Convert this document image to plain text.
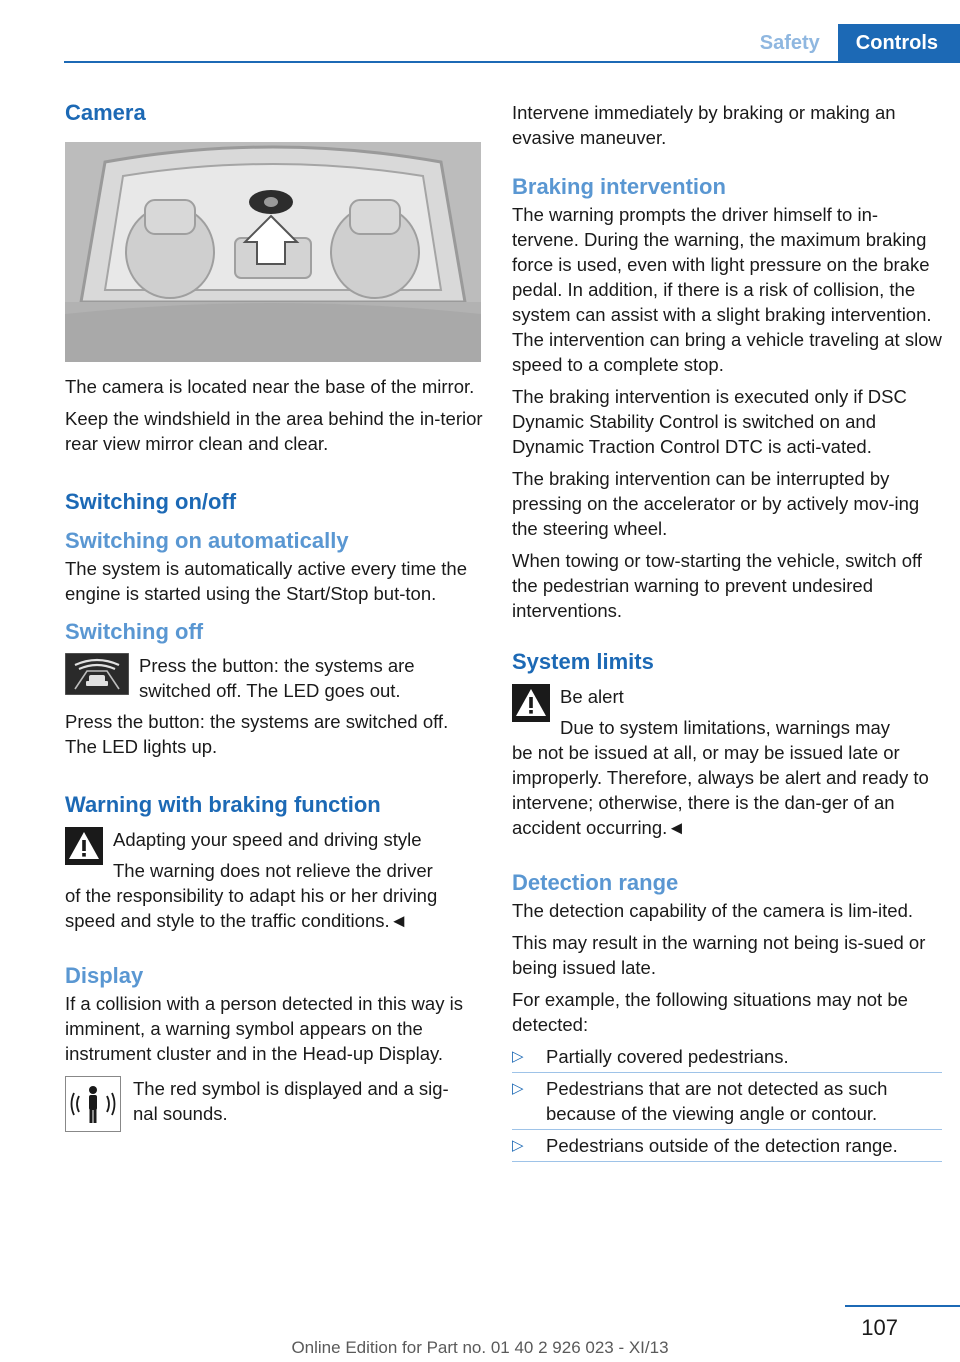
Safety	Controls
Camera

The camera is located near the base of the mirror.

Keep the windshield in the area behind the in-terior rear view mirror clean and clear.

Switching on/off
Switching on automatically

The system is automatically active every time the engine is started using the Start/Stop but-ton.

Switching off

Press the button: the systems are switched off. The LED goes out.

Press the button: the systems are switched off. The LED lights up.

Warning with braking function

Adapting your speed and driving style

The warning does not relieve the driver

of the responsibility to adapt his or her driving speed and style to the traffic conditions.◄

Display

If a collision with a person detected in this way is imminent, a warning symbol appears on the instrument cluster and in the Head-up Display.

The red symbol is displayed and a sig-nal sounds.

Intervene immediately by braking or making an evasive maneuver.

Braking intervention

The warning prompts the driver himself to in-tervene. During the warning, the maximum braking force is used, even with light pressure on the brake pedal. In addition, if there is a risk of collision, the system can assist with a slight braking intervention. The intervention can bring a vehicle traveling at slow speed to a complete stop.

The braking intervention is executed only if DSC Dynamic Stability Control is switched on and Dynamic Traction Control DTC is acti-vated.

The braking intervention can be interrupted by pressing on the accelerator or by actively mov-ing the steering wheel.

When towing or tow-starting the vehicle, switch off the pedestrian warning to prevent undesired interventions.

System limits

Be alert

Due to system limitations, warnings may

be not be issued at all, or may be issued late or improperly. Therefore, always be alert and ready to intervene; otherwise, there is the dan-ger of an accident occurring.◄

Detection range

The detection capability of the camera is lim-ited.

This may result in the warning not being is-sued or being issued late.

For example, the following situations may not be detected:

▷ Partially covered pedestrians.
▷ Pedestrians that are not detected as such because of the viewing angle or contour.
▷ Pedestrians outside of the detection range.
107
Online Edition for Part no. 01 40 2 926 023 - XI/13
